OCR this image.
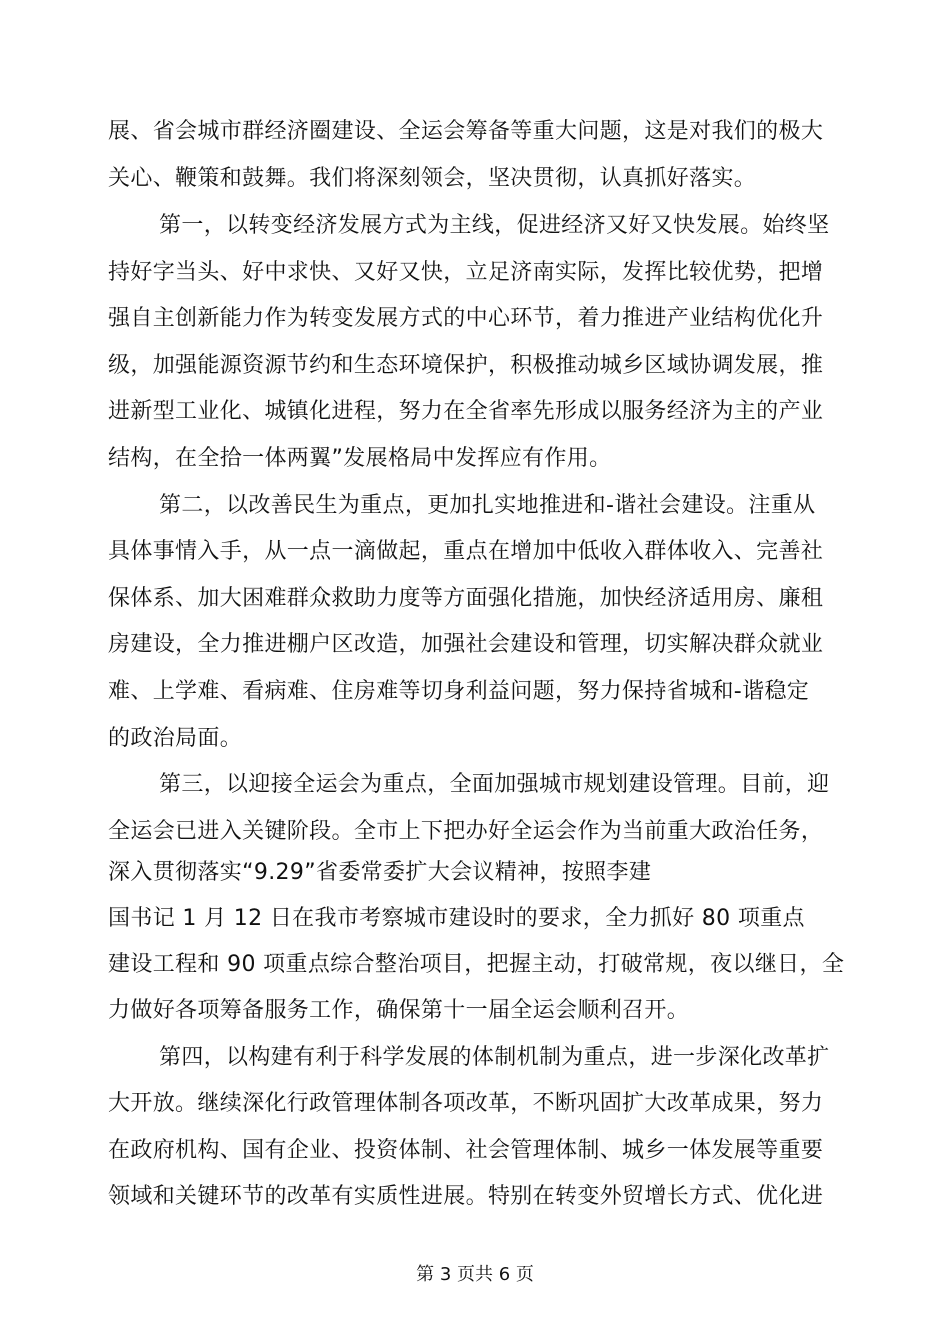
展、省会城市群经济圈建设、全运会筹备等重大问题，这是对我们的极大
关心、鞭策和鼓舞。我们将深刻领会，坚决贯彻，认真抓好落实。
第一，以转变经济发展方式为主线，促进经济又好又快发展。始终坚
持好字当头、好中求快、又好又快，立足济南实际，发挥比较优势，把增
强自主创新能力作为转变发展方式的中心环节，着力推进产业结构优化升
级，加强能源资源节约和生态环境保护，积极推动城乡区域协调发展，推
进新型工业化、城镇化进程，努力在全省率先形成以服务经济为主的产业
结构，在全拾一体两翼”发展格局中发挥应有作用。
第二，以改善民生为重点，更加扎实地推进和-谐社会建设。注重从
具体事情入手，从一点一滴做起，重点在增加中低收入群体收入、完善社
保体系、加大困难群众救助力度等方面强化措施，加快经济适用房、廉租
房建设，全力推进棚户区改造，加强社会建设和管理，切实解决群众就业
难、上学难、看病难、住房难等切身利益问题，努力保持省城和-谐稳定
的政治局面。
第三，以迎接全运会为重点，全面加强城市规划建设管理。目前，迎
全运会已进入关键阶段。全市上下把办好全运会作为当前重大政治任务，
深入贯彻落实“9.29”省委常委扩大会议精神，按照李建
国书记 1 月 12 日在我市考察城市建设时的要求，全力抓好 80 项重点
建设工程和 90 项重点综合整治项目，把握主动，打破常规，夜以继日，全
力做好各项筹备服务工作，确保第十一届全运会顺利召开。
第四，以构建有利于科学发展的体制机制为重点，进一步深化改革扩
大开放。继续深化行政管理体制各项改革，不断巩固扩大改革成果，努力
在政府机构、国有企业、投资体制、社会管理体制、城乡一体发展等重要
领域和关键环节的改革有实质性进展。特别在转变外贸增长方式、优化进
第 3 页共 6 页
